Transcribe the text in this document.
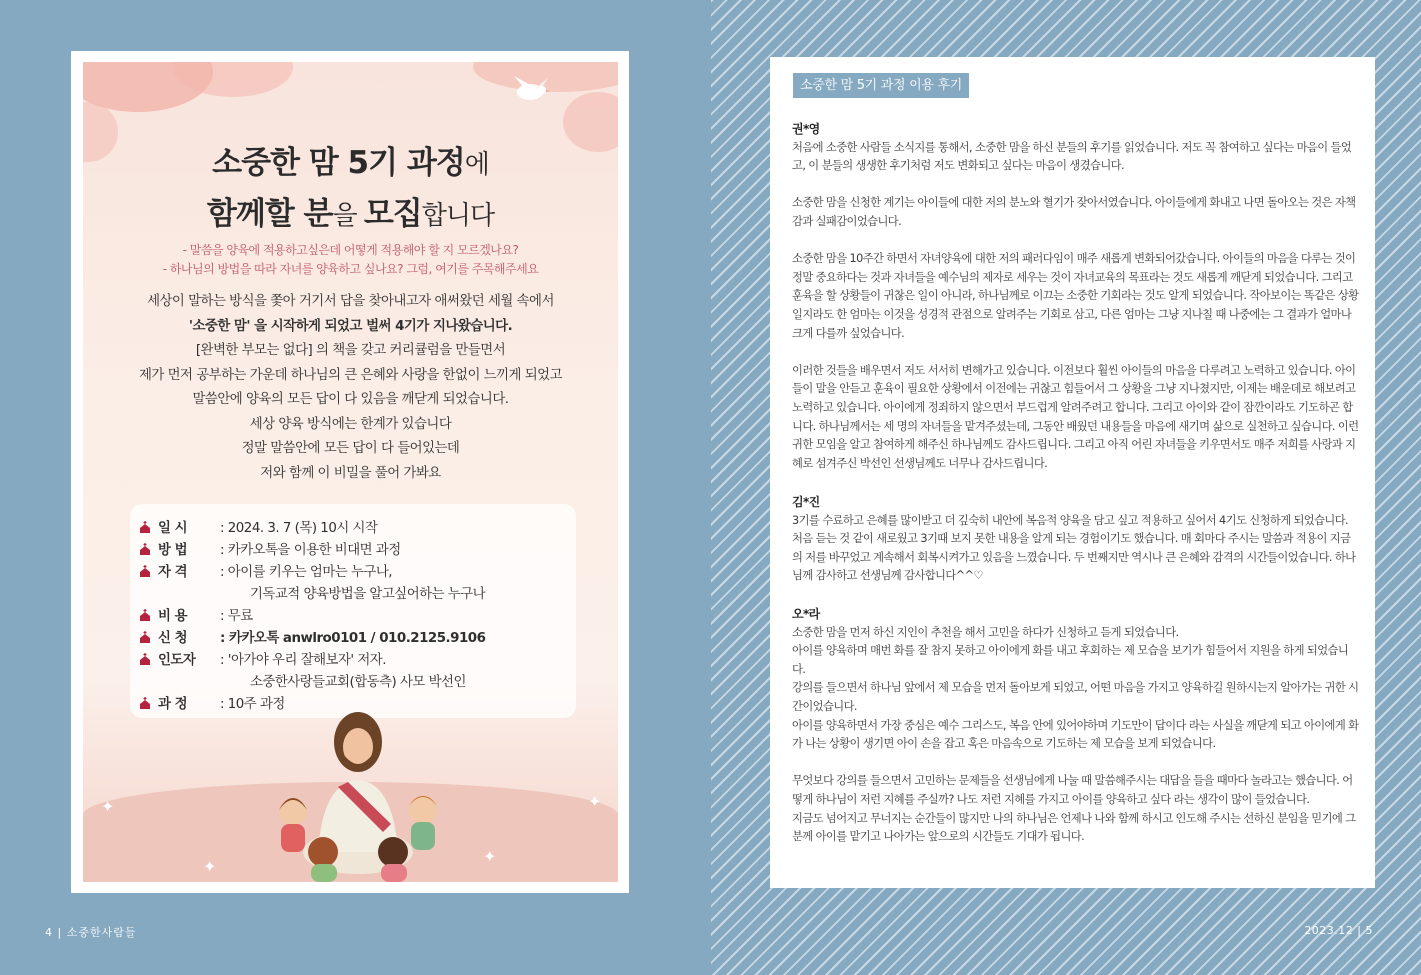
소중한 맘 5기 과정에
함께할 분을 모집합니다
- 말씀을 양육에 적용하고싶은데 어떻게 적용해야 할 지 모르겠나요?
- 하나님의 방법을 따라 자녀를 양육하고 싶나요? 그럼, 여기를 주목해주세요
세상이 말하는 방식을 쫓아 거기서 답을 찾아내고자 애써왔던 세월 속에서
'소중한 맘' 을 시작하게 되었고 벌써 4기가 지나왔습니다.
[완벽한 부모는 없다] 의 책을 갖고 커리큘럼을 만들면서
제가 먼저 공부하는 가운데 하나님의 큰 은혜와 사랑을 한없이 느끼게 되었고
말씀안에 양육의 모든 답이 다 있음을 깨닫게 되었습니다.
세상 양육 방식에는 한계가 있습니다
정말 말씀안에 모든 답이 다 들어있는데
저와 함께 이 비밀을 풀어 가봐요
일 시 : 2024. 3. 7 (목) 10시 시작
방 법 : 카카오톡을 이용한 비대면 과정
자 격 : 아이를 키우는 엄마는 누구나,
기독교적 양육방법을 알고싶어하는 누구나
비 용 : 무료
신 청 : 카카오톡 anwlro0101 / 010.2125.9106
인도자 : '아가야 우리 잘해보자' 저자.
소중한사랑들교회(합동측) 사모 박선인
과 정 : 10주 과정
✦
✦
✦
✦
4 | 소중한사람들
소중한 맘 5기 과정 이용 후기
권*영

처음에 소중한 사람들 소식지를 통해서, 소중한 맘을 하신 분들의 후기를 읽었습니다. 저도 꼭 참여하고 싶다는 마음이 들었고, 이 분들의 생생한 후기처럼 저도 변화되고 싶다는 마음이 생겼습니다.

소중한 맘을 신청한 계기는 아이들에 대한 저의 분노와 혈기가 잦아서였습니다. 아이들에게 화내고 나면 돌아오는 것은 자책감과 실패감이었습니다.

소중한 맘을 10주간 하면서 자녀양육에 대한 저의 패러다임이 매주 새롭게 변화되어갔습니다. 아이들의 마음을 다루는 것이 정말 중요하다는 것과 자녀들을 예수님의 제자로 세우는 것이 자녀교육의 목표라는 것도 새롭게 깨닫게 되었습니다. 그리고 훈육을 할 상황들이 귀찮은 일이 아니라, 하나님께로 이끄는 소중한 기회라는 것도 알게 되었습니다. 작아보이는 똑같은 상황일지라도 한 엄마는 이것을 성경적 관점으로 알려주는 기회로 삼고, 다른 엄마는 그냥 지나칠 때 나중에는 그 결과가 얼마나 크게 다를까 싶었습니다.

이러한 것들을 배우면서 저도 서서히 변해가고 있습니다. 이전보다 훨씬 아이들의 마음을 다루려고 노력하고 있습니다. 아이들이 말을 안듣고 훈육이 필요한 상황에서 이전에는 귀찮고 힘들어서 그 상황을 그냥 지나쳤지만, 이제는 배운데로 해보려고 노력하고 있습니다. 아이에게 정죄하지 않으면서 부드럽게 알려주려고 합니다. 그리고 아이와 같이 잠깐이라도 기도하곤 합니다. 하나님께서는 세 명의 자녀들을 맡겨주셨는데, 그동안 배웠던 내용들을 마음에 새기며 삶으로 실천하고 싶습니다. 이런 귀한 모임을 알고 참여하게 해주신 하나님께도 감사드립니다. 그리고 아직 어린 자녀들을 키우면서도 매주 저희를 사랑과 지혜로 섬겨주신 박선인 선생님께도 너무나 감사드립니다.

김*진

3기를 수료하고 은혜를 많이받고 더 깊숙히 내안에 복음적 양육을 담고 싶고 적용하고 싶어서 4기도 신청하게 되었습니다. 처음 듣는 것 같이 새로웠고 3기때 보지 못한 내용을 알게 되는 경험이기도 했습니다. 매 회마다 주시는 말씀과 적용이 지금의 저를 바꾸었고 계속해서 회복시켜가고 있음을 느꼈습니다. 두 번째지만 역시나 큰 은혜와 감격의 시간들이었습니다. 하나님께 감사하고 선생님께 감사합니다^^♡

오*라

소중한 맘을 먼저 하신 지인이 추천을 해서 고민을 하다가 신청하고 듣게 되었습니다.

아이를 양육하며 매번 화를 잘 참지 못하고 아이에게 화를 내고 후회하는 제 모습을 보기가 힘들어서 지원을 하게 되었습니다.

강의를 들으면서 하나님 앞에서 제 모습을 먼저 돌아보게 되었고, 어떤 마음을 가지고 양육하길 원하시는지 알아가는 귀한 시간이었습니다.

아이를 양육하면서 가장 중심은 예수 그리스도, 복음 안에 있어야하며 기도만이 답이다 라는 사실을 깨닫게 되고 아이에게 화가 나는 상황이 생기면 아이 손을 잡고 혹은 마음속으로 기도하는 제 모습을 보게 되었습니다.

무엇보다 강의를 들으면서 고민하는 문제들을 선생님에게 나눌 때 말씀해주시는 대답을 들을 때마다 놀라고는 했습니다. 어떻게 하나님이 저런 지혜를 주실까? 나도 저런 지혜를 가지고 아이를 양육하고 싶다 라는 생각이 많이 들었습니다.

지금도 넘어지고 무너지는 순간들이 많지만 나의 하나님은 언제나 나와 함께 하시고 인도해 주시는 선하신 분임을 믿기에 그분께 아이를 맡기고 나아가는 앞으로의 시간들도 기대가 됩니다.

2023.12 | 5
